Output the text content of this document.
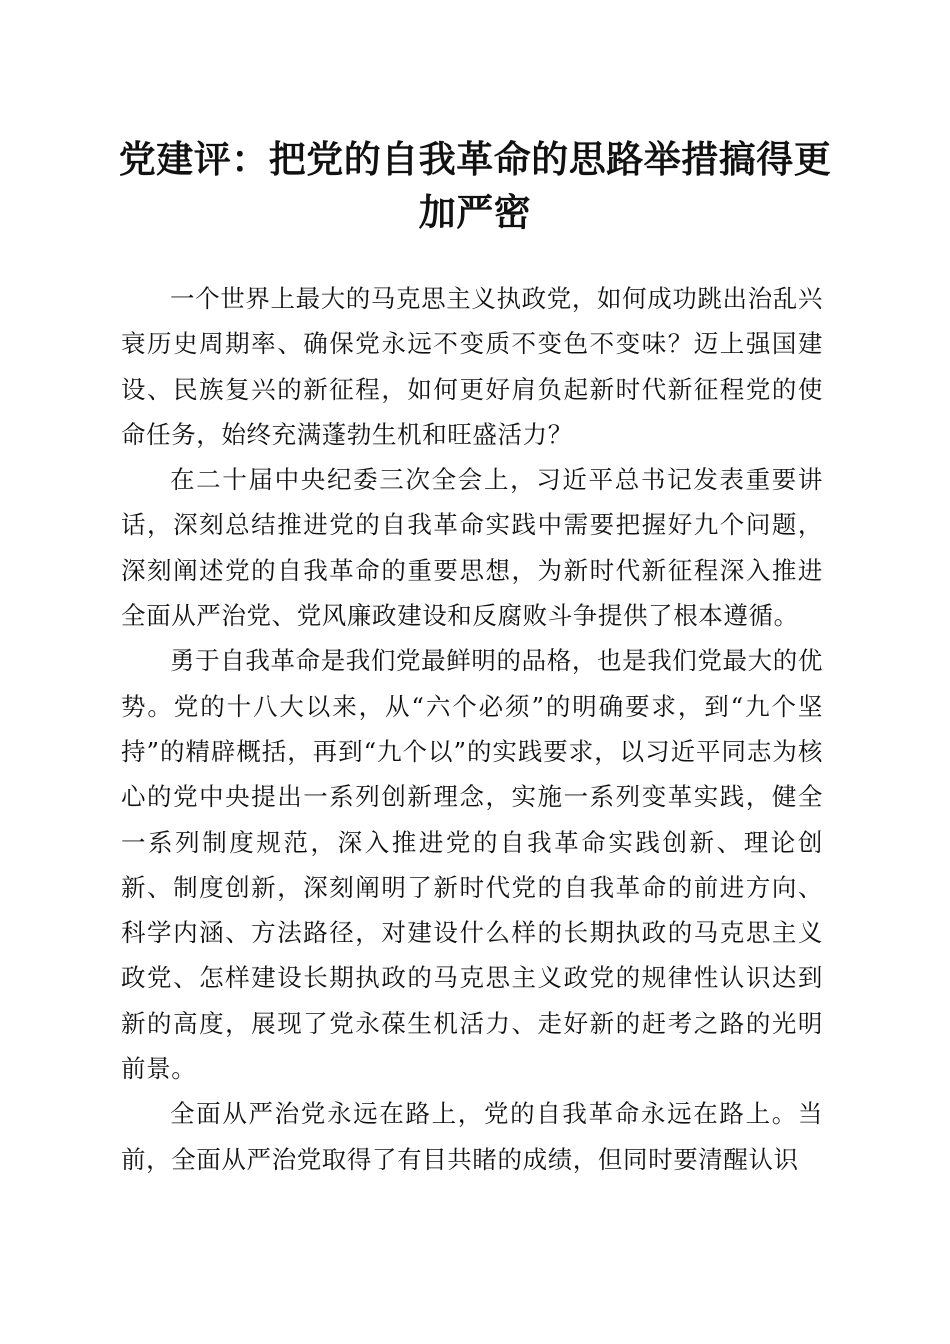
党建评：把党的自我革命的思路举措搞得更加严密

一个世界上最大的马克思主义执政党，如何成功跳出治乱兴衰历史周期率、确保党永远不变质不变色不变味？迈上强国建设、民族复兴的新征程，如何更好肩负起新时代新征程党的使命任务，始终充满蓬勃生机和旺盛活力？

在二十届中央纪委三次全会上，习近平总书记发表重要讲话，深刻总结推进党的自我革命实践中需要把握好九个问题，深刻阐述党的自我革命的重要思想，为新时代新征程深入推进全面从严治党、党风廉政建设和反腐败斗争提供了根本遵循。

勇于自我革命是我们党最鲜明的品格，也是我们党最大的优势。党的十八大以来，从“六个必须”的明确要求，到“九个坚持”的精辟概括，再到“九个以”的实践要求，以习近平同志为核心的党中央提出一系列创新理念，实施一系列变革实践，健全一系列制度规范，深入推进党的自我革命实践创新、理论创新、制度创新，深刻阐明了新时代党的自我革命的前进方向、科学内涵、方法路径，对建设什么样的长期执政的马克思主义政党、怎样建设长期执政的马克思主义政党的规律性认识达到新的高度，展现了党永葆生机活力、走好新的赶考之路的光明前景。

全面从严治党永远在路上，党的自我革命永远在路上。当前，全面从严治党取得了有目共睹的成绩，但同时要清醒认识
